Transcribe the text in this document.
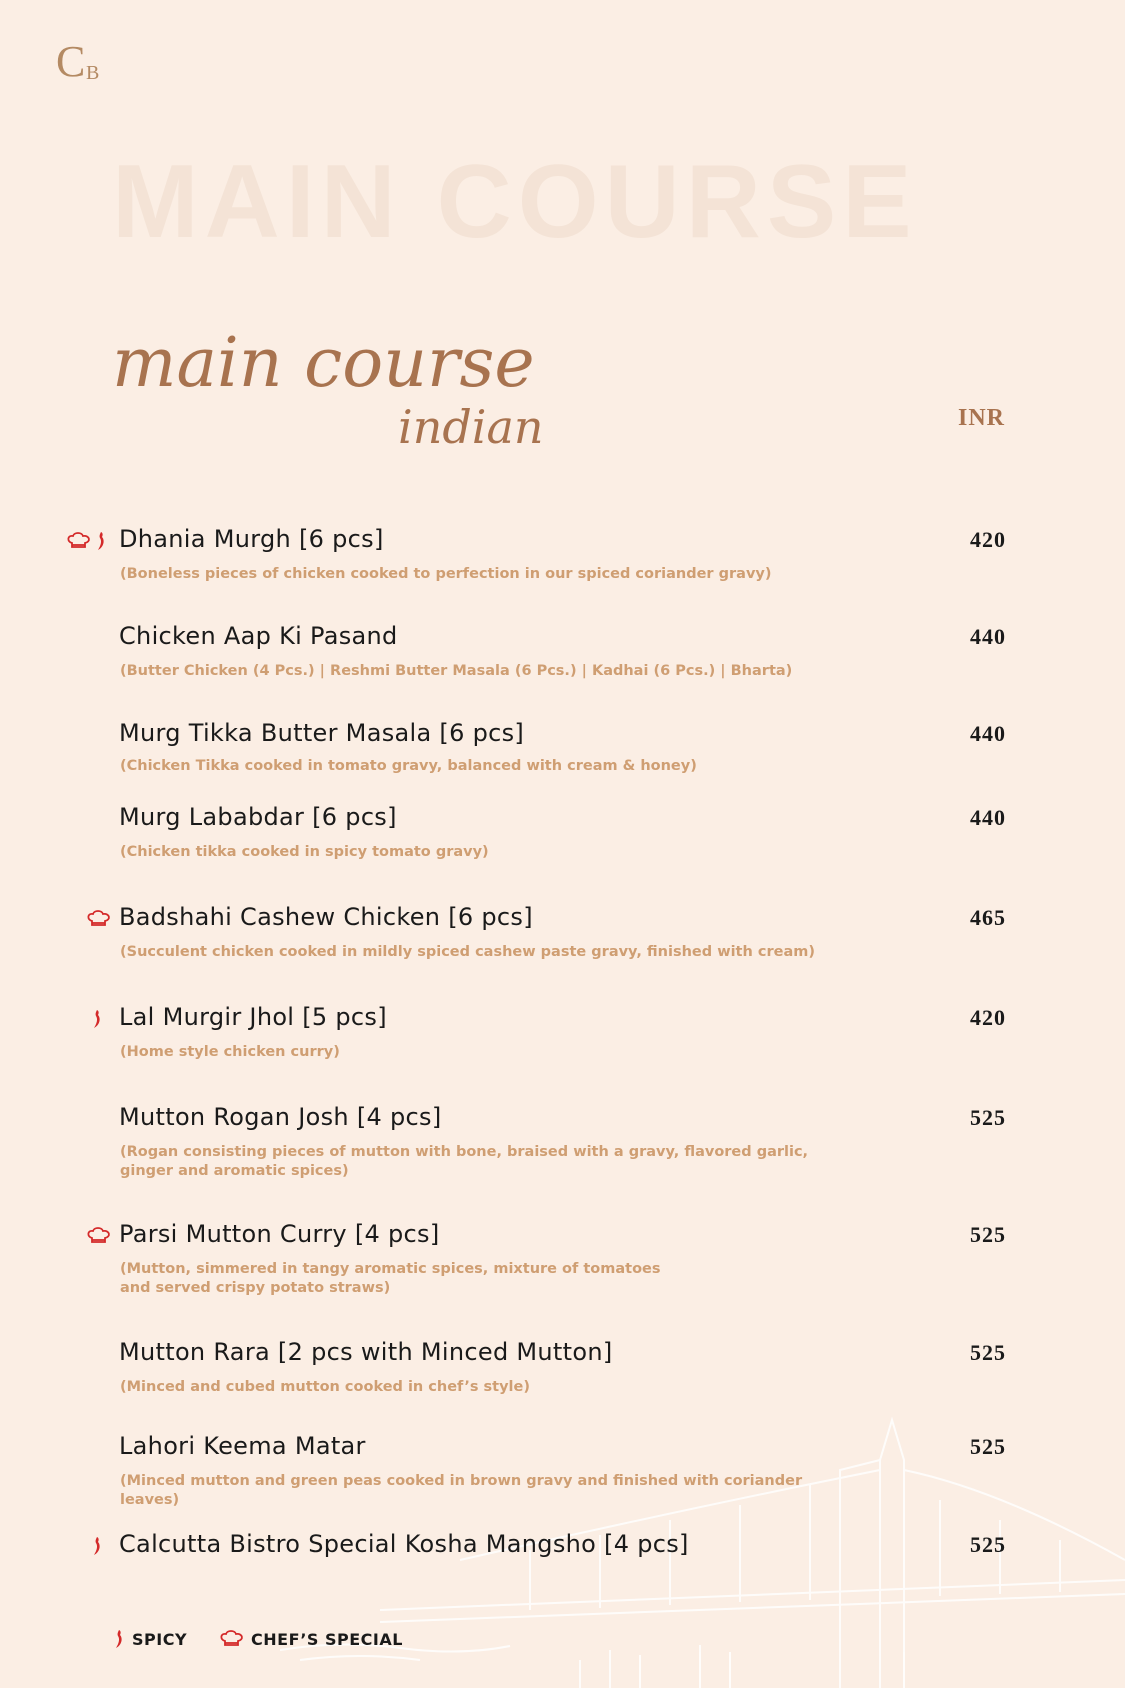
C B
MAIN COURSE
main course
indian	INR
Dhania Murgh [6 pcs]
(Boneless pieces of chicken cooked to perfection in our spiced coriander gravy)
420
Chicken Aap Ki Pasand
(Butter Chicken (4 Pcs.) | Reshmi Butter Masala (6 Pcs.) | Kadhai (6 Pcs.) | Bharta)
440
Murg Tikka Butter Masala [6 pcs]
(Chicken Tikka cooked in tomato gravy, balanced with cream & honey)
440
Murg Lababdar [6 pcs]
(Chicken tikka cooked in spicy tomato gravy)
440
Badshahi Cashew Chicken [6 pcs]
(Succulent chicken cooked in mildly spiced cashew paste gravy, finished with cream)
465
Lal Murgir Jhol [5 pcs]
(Home style chicken curry)
420
Mutton Rogan Josh [4 pcs]
(Rogan consisting pieces of mutton with bone, braised with a gravy, flavored garlic,
ginger and aromatic spices)
525
Parsi Mutton Curry [4 pcs]
(Mutton, simmered in tangy aromatic spices, mixture of tomatoes
and served crispy potato straws)
525
Mutton Rara [2 pcs with Minced Mutton]
(Minced and cubed mutton cooked in chef’s style)
525
Lahori Keema Matar
(Minced mutton and green peas cooked in brown gravy and finished with coriander leaves)
525
Calcutta Bistro Special Kosha Mangsho [4 pcs]	525
SPICY	CHEF’S SPECIAL
